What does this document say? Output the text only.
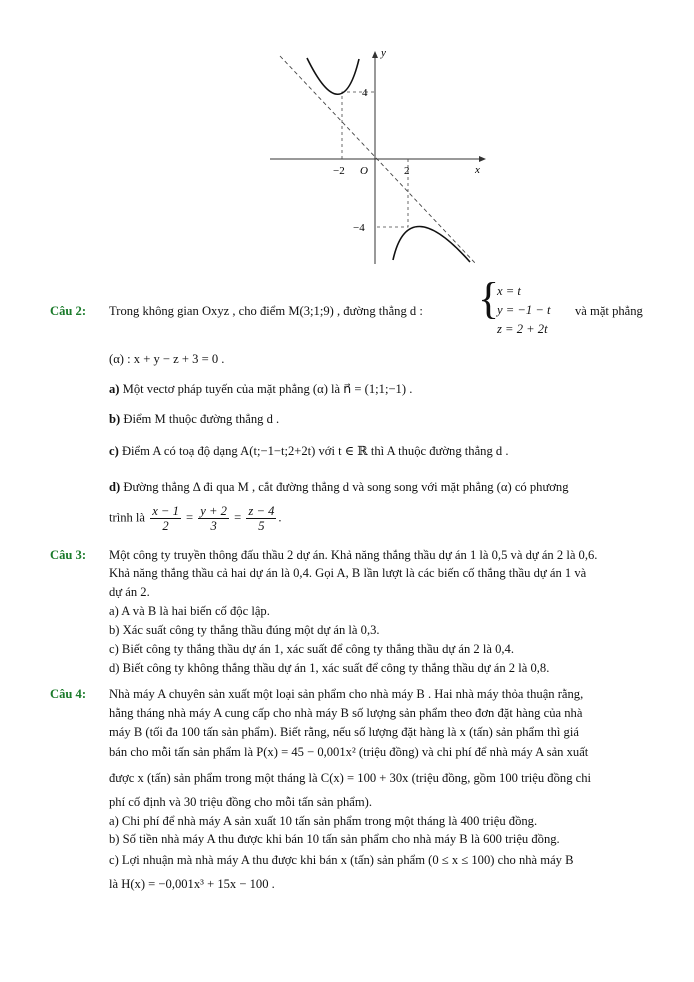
y
x
O
−2	2
4
−4
Câu 2: Trong không gian Oxyz , cho điểm M(3;1;9) , đường thẳng d : {
x = t
y = −1 − t
z = 2 + 2t
và mặt phẳng
(α) : x + y − z + 3 = 0 .
a) Một vectơ pháp tuyến của mặt phẳng (α) là n⃗ = (1;1;−1) .
b) Điểm M thuộc đường thẳng d .
c) Điểm A có toạ độ dạng A(t;−1−t;2+2t) với t ∈ ℝ thì A thuộc đường thẳng d .
d) Đường thẳng Δ đi qua M , cắt đường thẳng d và song song với mặt phẳng (α) có phương
trình là $\frac{x - 1}{2} = \frac{y + 2}{3} = \frac{z - 4}{5}$ .
Câu 3: Một công ty truyền thông đấu thầu 2 dự án. Khả năng thắng thầu dự án 1 là 0,5 và dự án 2 là 0,6.
Khả năng thắng thầu cả hai dự án là 0,4. Gọi A, B lần lượt là các biến cố thắng thầu dự án 1 và
dự án 2.
a) A và B là hai biến cố độc lập.
b) Xác suất công ty thắng thầu đúng một dự án là 0,3.
c) Biết công ty thắng thầu dự án 1, xác suất để công ty thắng thầu dự án 2 là 0,4.
d) Biết công ty không thắng thầu dự án 1, xác suất để công ty thắng thầu dự án 2 là 0,8.
Câu 4: Nhà máy A chuyên sản xuất một loại sản phẩm cho nhà máy B . Hai nhà máy thỏa thuận rằng,
hằng tháng nhà máy A cung cấp cho nhà máy B số lượng sản phẩm theo đơn đặt hàng của nhà
máy B (tối đa 100 tấn sản phẩm). Biết rằng, nếu số lượng đặt hàng là x (tấn) sản phẩm thì giá
bán cho mỗi tấn sản phẩm là P(x) = 45 − 0,001x² (triệu đồng) và chi phí để nhà máy A sản xuất
được x (tấn) sản phẩm trong một tháng là C(x) = 100 + 30x (triệu đồng, gồm 100 triệu đồng chi
phí cố định và 30 triệu đồng cho mỗi tấn sản phẩm).
a) Chi phí để nhà máy A sản xuất 10 tấn sản phẩm trong một tháng là 400 triệu đồng.
b) Số tiền nhà máy A thu được khi bán 10 tấn sản phẩm cho nhà máy B là 600 triệu đồng.
c) Lợi nhuận mà nhà máy A thu được khi bán x (tấn) sản phẩm (0 ≤ x ≤ 100) cho nhà máy B
là H(x) = −0,001x³ + 15x − 100 .
